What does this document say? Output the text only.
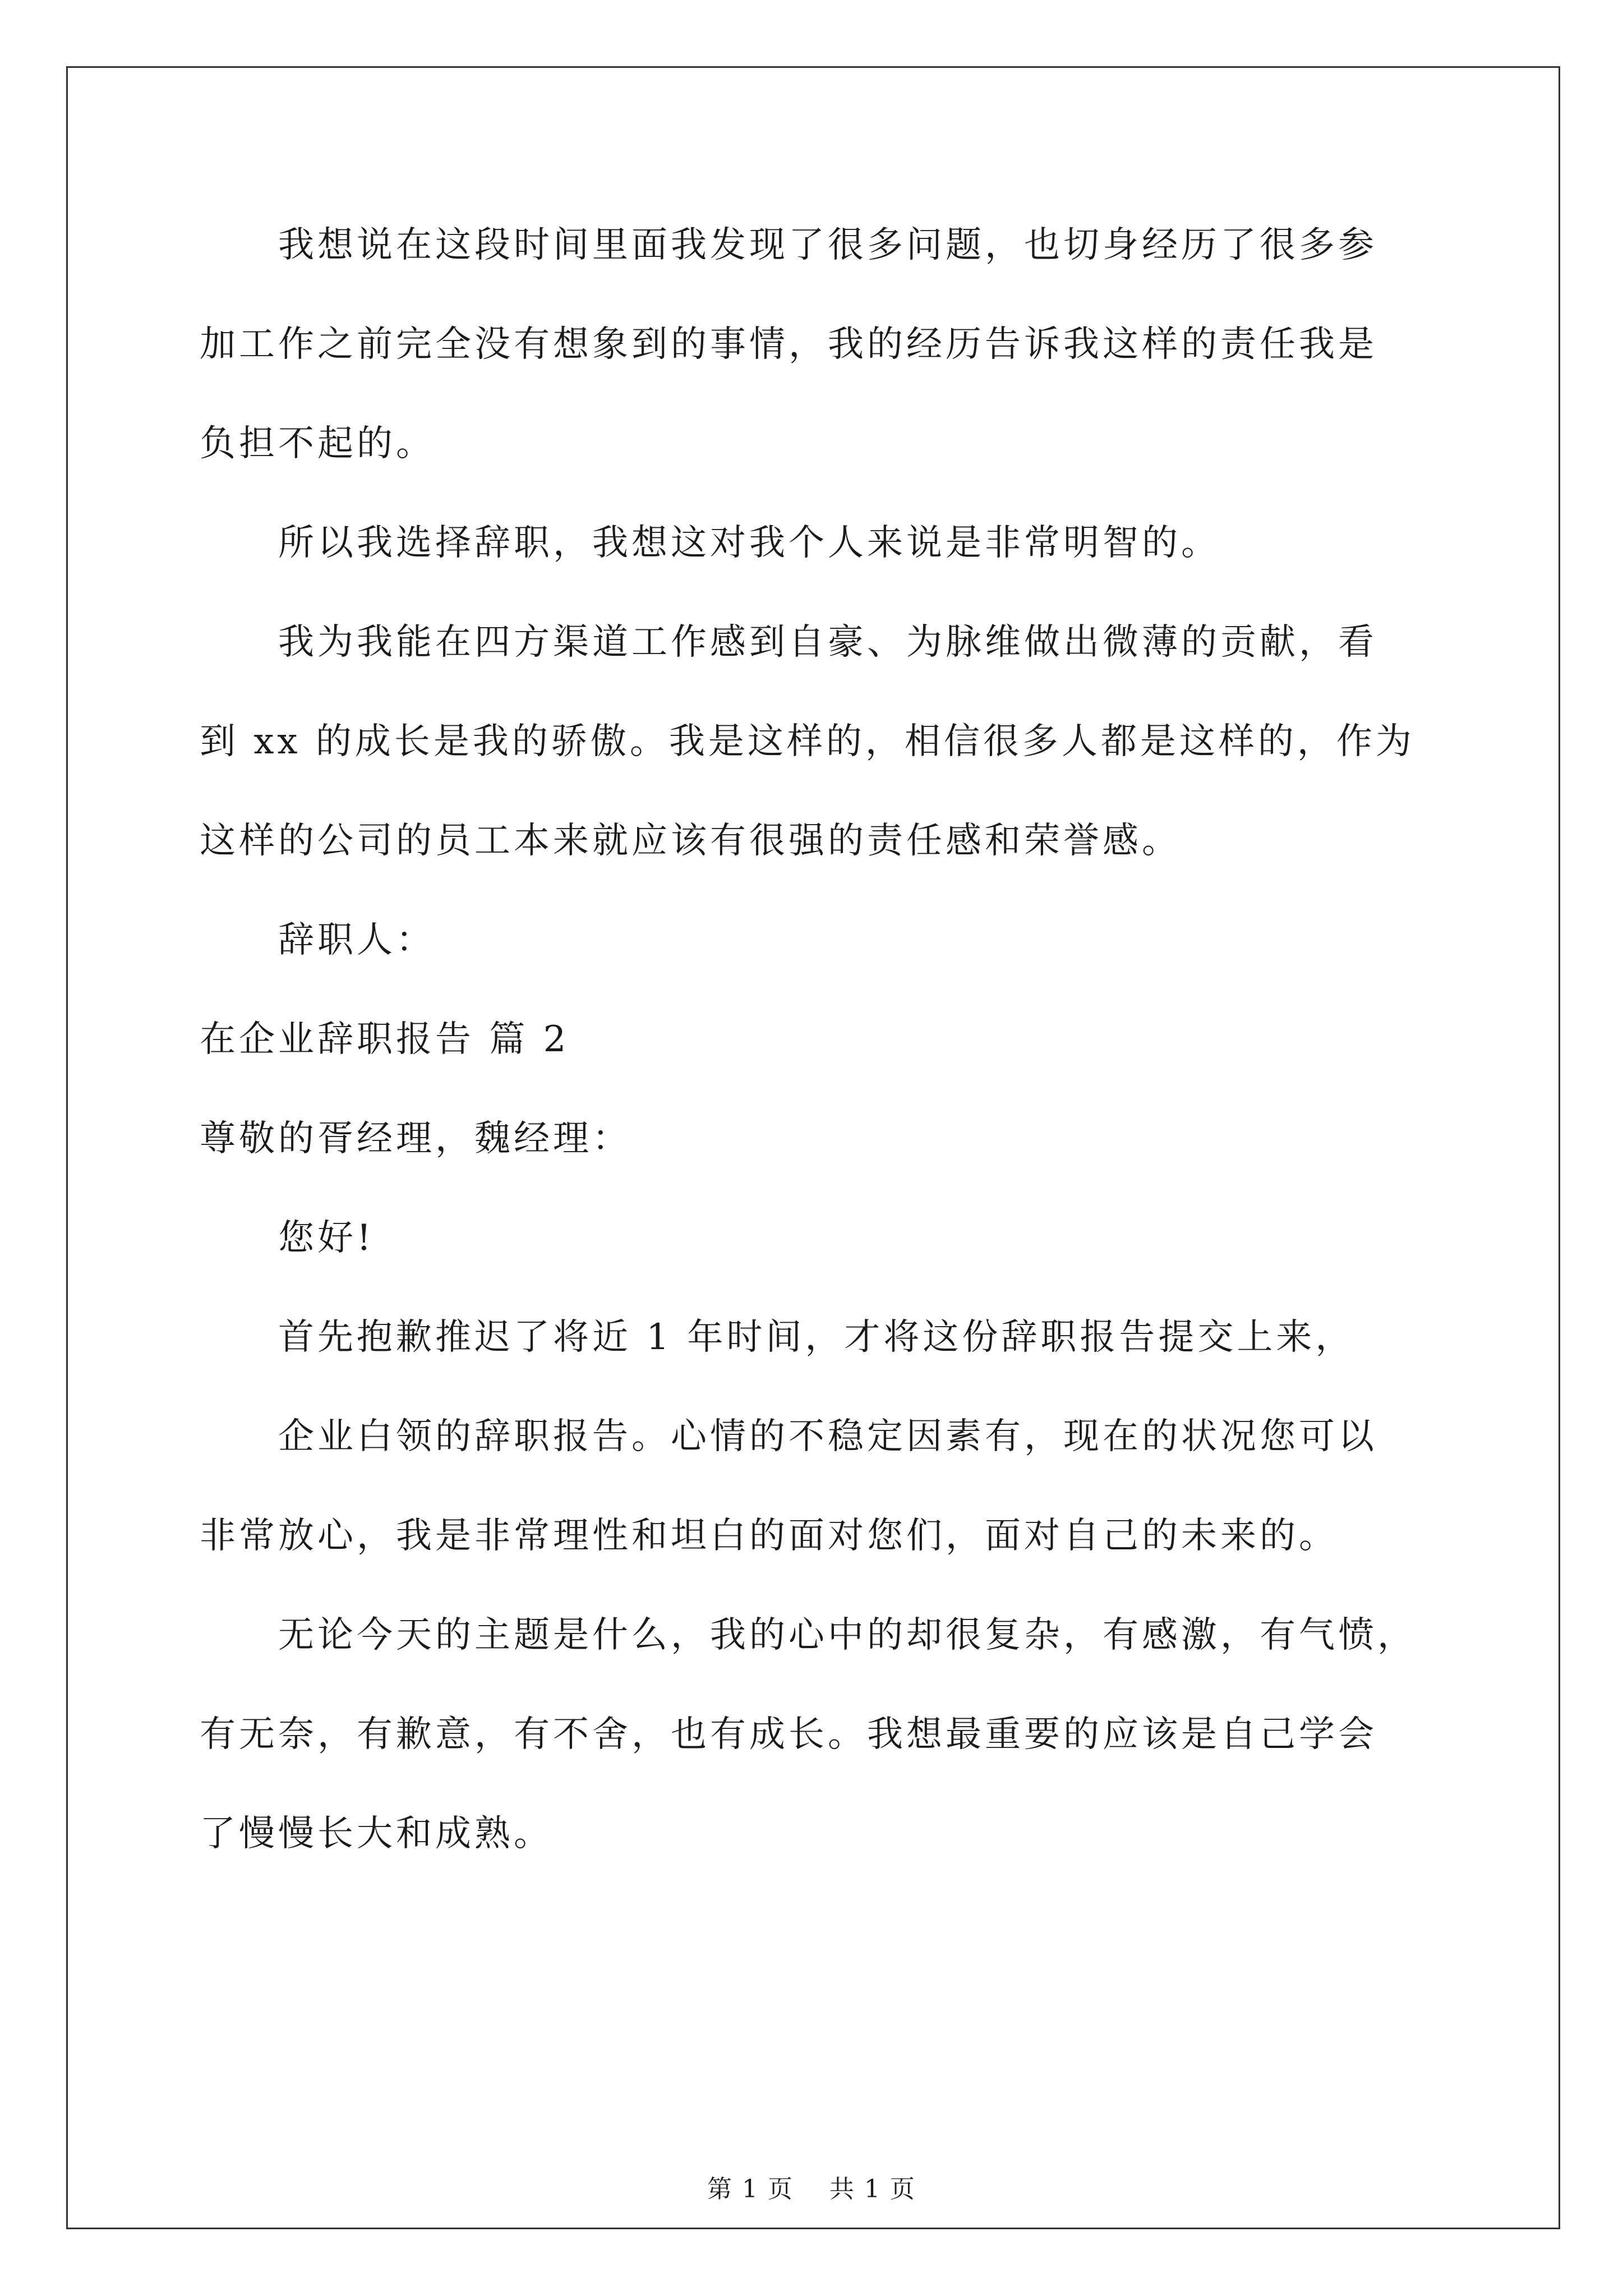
　　我想说在这段时间里面我发现了很多问题，也切身经历了很多参

加工作之前完全没有想象到的事情，我的经历告诉我这样的责任我是

负担不起的。

　　所以我选择辞职，我想这对我个人来说是非常明智的。

　　我为我能在四方渠道工作感到自豪、为脉维做出微薄的贡献，看

到 xx 的成长是我的骄傲。我是这样的，相信很多人都是这样的，作为

这样的公司的员工本来就应该有很强的责任感和荣誉感。

　　辞职人：

在企业辞职报告 篇 2

尊敬的胥经理，魏经理：

　　您好!

　　首先抱歉推迟了将近 1 年时间，才将这份辞职报告提交上来，

　　企业白领的辞职报告。心情的不稳定因素有，现在的状况您可以

非常放心，我是非常理性和坦白的面对您们，面对自己的未来的。

　　无论今天的主题是什么，我的心中的却很复杂，有感激，有气愤，

有无奈，有歉意，有不舍，也有成长。我想最重要的应该是自己学会

了慢慢长大和成熟。

第 1 页    共 1 页
